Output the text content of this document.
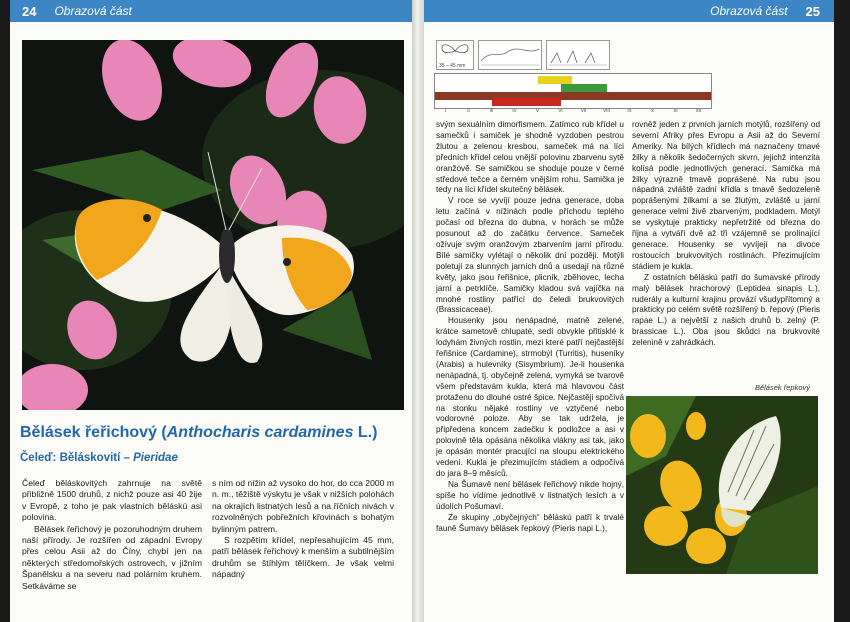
24 Obrazová část
Bělásek řeřichový (Anthocharis cardamines L.)
Čeleď: Běláskovití – Pieridae

Čeleď běláskovitých zahrnuje na světě přibližně 1500 druhů, z nichž pouze asi 40 žije v Evropě, z toho je pak vlastních běláskú asi polovina.

Bělásek řeřichový je pozoruhodným druhem naší přírody. Je rozšířen od západní Evropy přes celou Asii až do Číny, chybí jen na některých středomořských ostrovech, v jižním Španělsku a na severu nad polárním kruhem. Setkáváme se

s ním od nížin až vysoko do hor, do cca 2000 m n. m., těžiště výskytu je však v nižších polohách na okrajích listnatých lesů a na říčních nivách v rozvolněných pobřežních křovinách s bohatým bylinným patrem.

S rozpětím křídel, nepřesahujícím 45 mm, patří bělásek řeřichový k menším a subtilnějším druhům se štíhlým tělíčkem. Je však velmi nápadný

Obrazová část 25
35 – 45 mm
I	II	III	IV	V	VI	VII	VIII	IX	X	XI	XII

svým sexuálním dimorfismem. Zatímco rub křídel u samečků i samiček je shodně vyzdoben pestrou žlutou a zelenou kresbou, sameček má na líci předních křídel celou vnější polovinu zbarvenu sytě oranžově. Se samičkou se shoduje pouze v černé středové tečce a černém vnějším rohu. Samička je tedy na líci křídel skutečný bělásek.

V roce se vyvíjí pouze jedna generace, doba letu začíná v nížinách podle příchodu teplého počasí od března do dubna, v horách se může posunout až do začátku července. Sameček ožívuje svým oranžovým zbarvením jarní přírodu. Bílé samičky vylétají o několik dní později. Motýli poletují za slunných jarních dnů a usedají na různé květy, jako jsou řeřišnice, plicník, zběhovec, lecha jarní a petrklíče. Samičky kladou svá vajíčka na mnohé rostliny patřící do čeledi brukvovitých (Brassicaceae).

Housenky jsou nenápadné, matně zelené, krátce sametově chlupaté, sedí obvykle přitisklé k lodyhám živných rostlin, mezi které patří nejčastější řeřišnice (Cardamine), strmobýl (Turritis), huseníky (Arabis) a hulevníky (Sisymbrium). Je-li housenka nenápadná, tj. obyčejně zelená, vymyká se tvarově všem představám kukla, která má hlavovou část protaženu do dlouhé ostré špice. Nejčastěji spočívá na stonku nějaké rostliny ve vztyčené nebo vodorovné poloze. Aby se tak udržela, je připředena koncem zadečku k podložce a asi v polovině těla opásána několika vlákny asi tak, jako je opásán montér pracující na sloupu elektrického vedení. Kukla je přezimujícím stádiem a odpočívá do jara 8–9 měsíců.

Na Šumavě není bělásek řeřichový nikde hojný, spíše ho vídíme jednotlivě v listnatých lesích a v údolích Pošumaví.

Ze skupiny „obyčejných“ běláskú patří k trvalé fauně Šumavy bělásek řepkový (Pieris napi L.),

rovněž jeden z prvních jarních motýlů, rozšířený od severní Afriky přes Evropu a Asii až do Severní Ameriky. Na bílých křídlech má naznačeny tmavé žilky a několik šedočerných skvrn, jejichž intenzita kolísá podle jednotlivých generací. Samička má žilky výrazně tmavě poprášené. Na rubu jsou nápadná zvláště zadní křídla s tmavě šedozeleně poprášenými žilkami a se žlutým, zvláště u jarní generace velmi živě zbarveným, podkladem. Motýl se vyskytuje prakticky nepřetržitě od března do října a vytváří dvě až tři vzájemně se prolínající generace. Housenky se vyvíjejí na divoce rostoucích brukvovitých rostlinách. Přezimujícím stádiem je kukla.

Z ostatních běláskú patří do šumavské přírody malý bělásek hrachorový (Leptidea sinapis L.), ruderály a kulturní krajinu provází všudypřítomný a prakticky po celém světě rozšířený b. řepový (Pieris rapae L.) a největší z našich druhů b. zelný (P. brassicae L.). Oba jsou škůdci na brukvovité zelenině v zahrádkách.

Bělásek řepkový
